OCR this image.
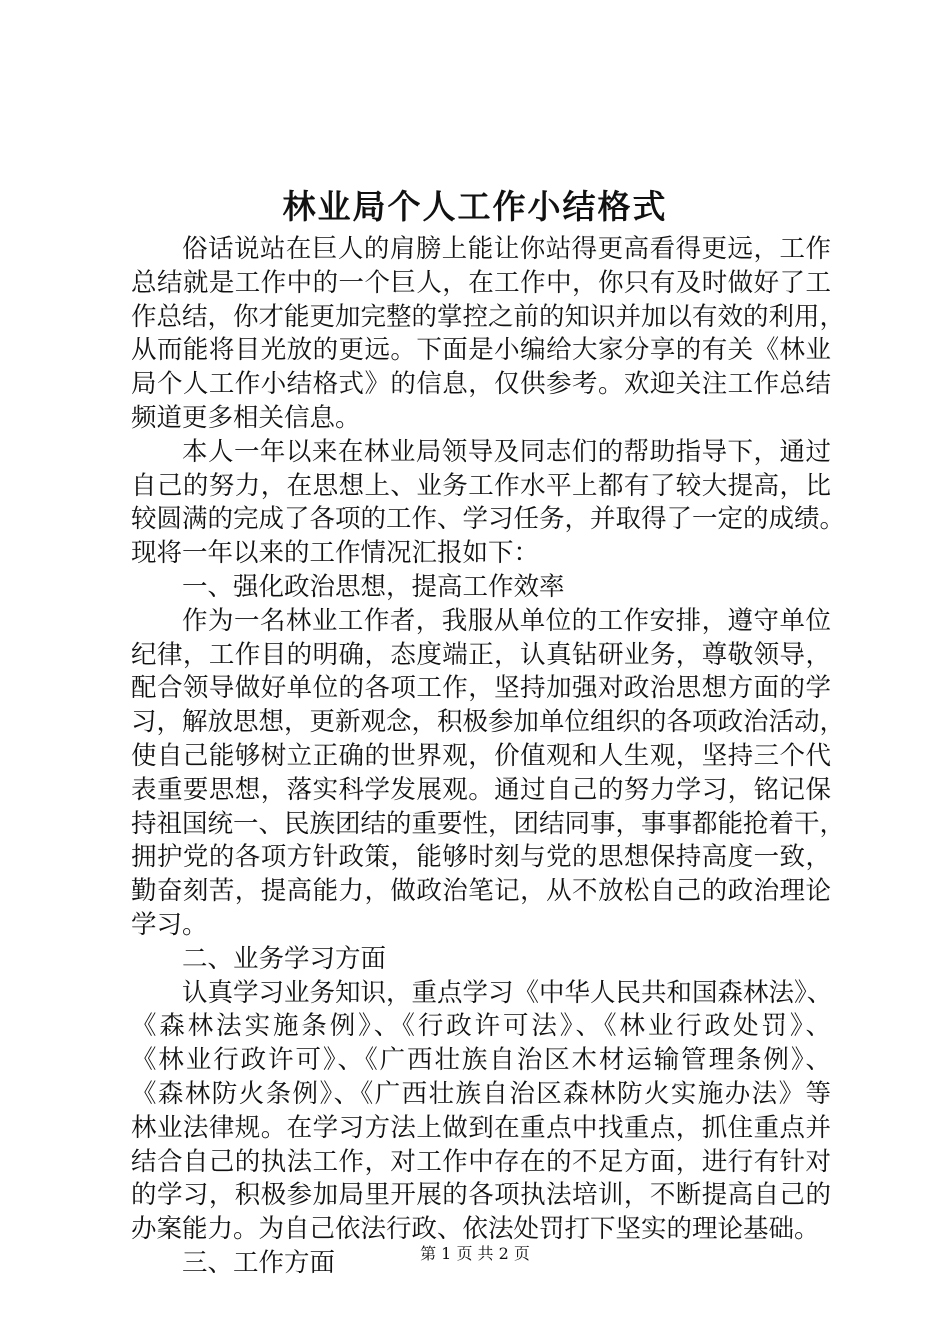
林业局个人工作小结格式
俗话说站在巨人的肩膀上能让你站得更高看得更远，工作
总结就是工作中的一个巨人，在工作中，你只有及时做好了工
作总结，你才能更加完整的掌控之前的知识并加以有效的利用，
从而能将目光放的更远。下面是小编给大家分享的有关《林业
局个人工作小结格式》的信息，仅供参考。欢迎关注工作总结
频道更多相关信息。
本人一年以来在林业局领导及同志们的帮助指导下，通过
自己的努力，在思想上、业务工作水平上都有了较大提高，比
较圆满的完成了各项的工作、学习任务，并取得了一定的成绩。
现将一年以来的工作情况汇报如下：
一、强化政治思想，提高工作效率
作为一名林业工作者，我服从单位的工作安排，遵守单位
纪律，工作目的明确，态度端正，认真钻研业务，尊敬领导，
配合领导做好单位的各项工作，坚持加强对政治思想方面的学
习，解放思想，更新观念，积极参加单位组织的各项政治活动，
使自己能够树立正确的世界观，价值观和人生观，坚持三个代
表重要思想，落实科学发展观。通过自己的努力学习，铭记保
持祖国统一、民族团结的重要性，团结同事，事事都能抢着干，
拥护党的各项方针政策，能够时刻与党的思想保持高度一致，
勤奋刻苦，提高能力，做政治笔记，从不放松自己的政治理论
学习。
二、业务学习方面
认真学习业务知识，重点学习《中华人民共和国森林法》、
《森林法实施条例》、《行政许可法》、《林业行政处罚》、
《林业行政许可》、《广西壮族自治区木材运输管理条例》、
《森林防火条例》、《广西壮族自治区森林防火实施办法》等
林业法律规。在学习方法上做到在重点中找重点，抓住重点并
结合自己的执法工作，对工作中存在的不足方面，进行有针对
的学习，积极参加局里开展的各项执法培训，不断提高自己的
办案能力。为自己依法行政、依法处罚打下坚实的理论基础。
三、工作方面	第 1 页 共 2 页
